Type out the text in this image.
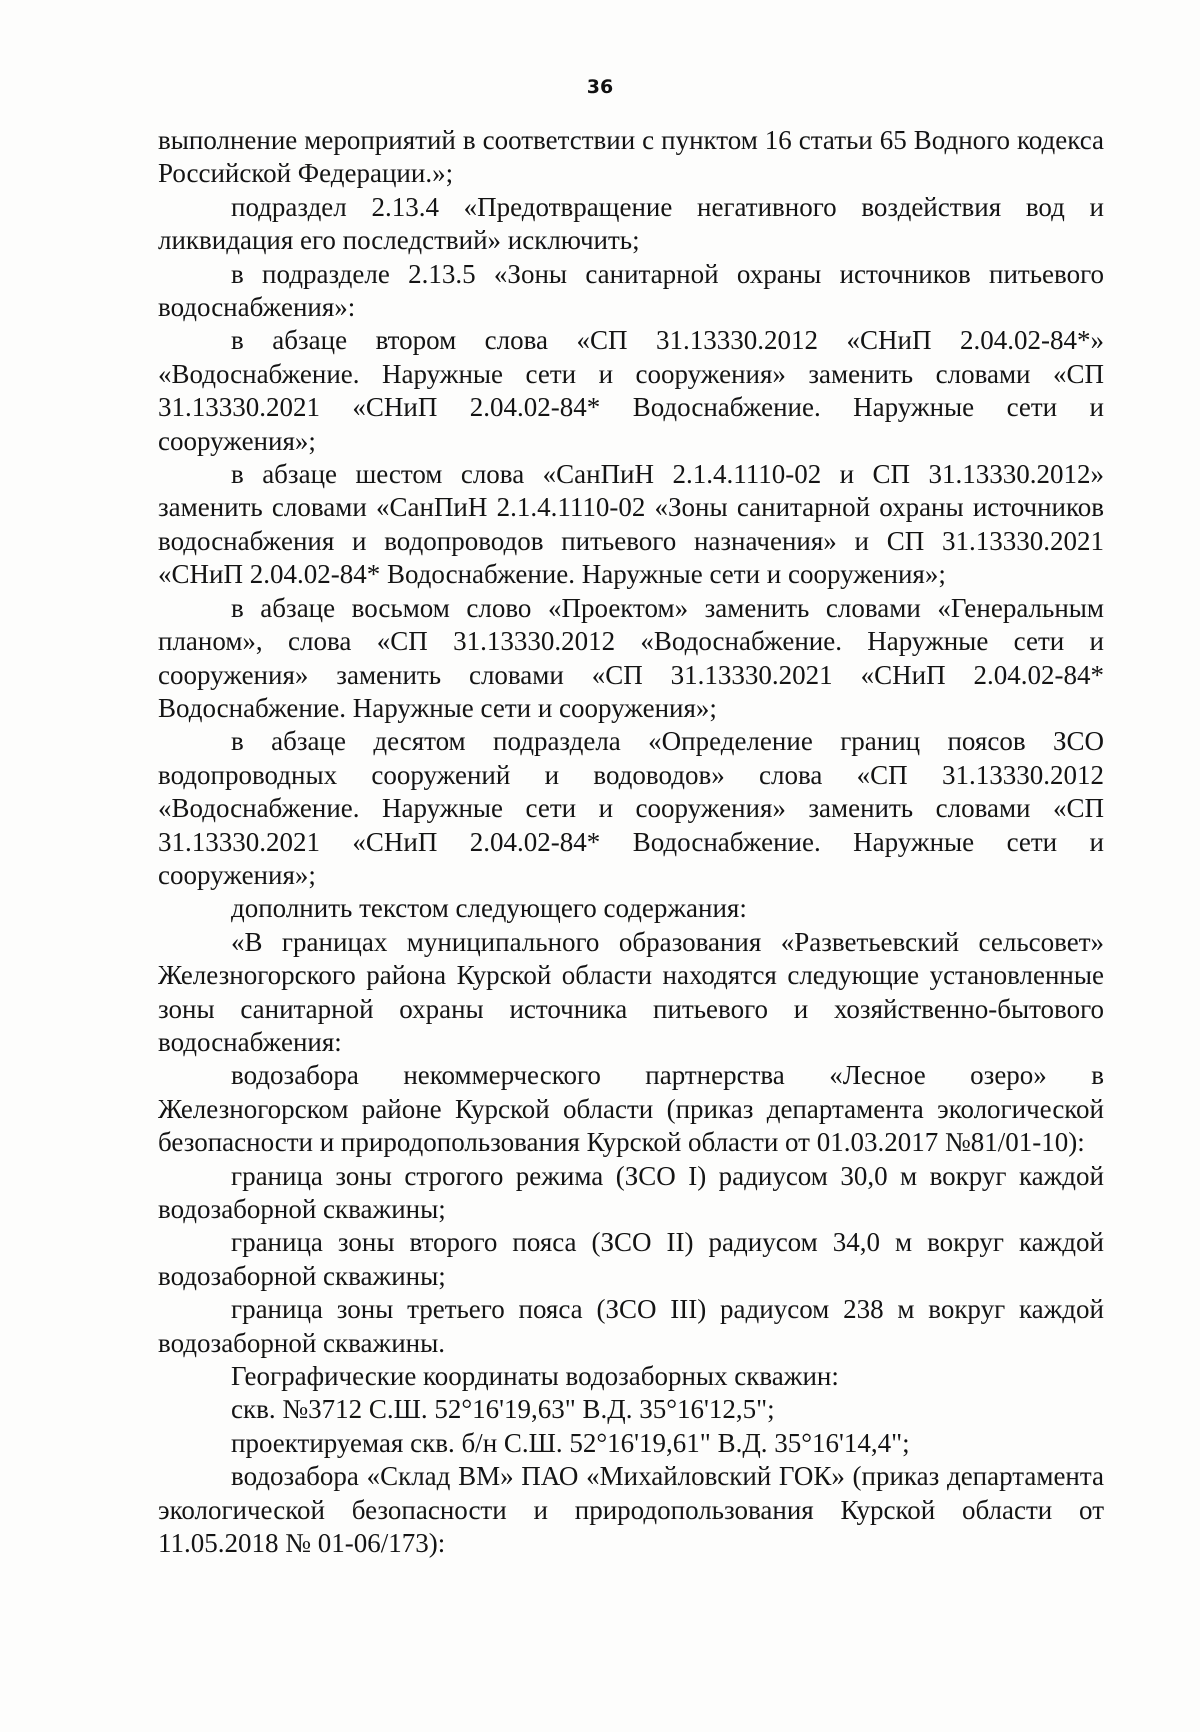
36

выполнение мероприятий в соответствии с пунктом 16 статьи 65 Водного кодекса Российской Федерации.»;

подраздел 2.13.4 «Предотвращение негативного воздействия вод и ликвидация его последствий» исключить;

в подразделе 2.13.5 «Зоны санитарной охраны источников питьевого водоснабжения»:

в абзаце втором слова «СП 31.13330.2012 «СНиП 2.04.02-84*» «Водоснабжение. Наружные сети и сооружения» заменить словами «СП 31.13330.2021 «СНиП 2.04.02-84* Водоснабжение. Наружные сети и сооружения»;

в абзаце шестом слова «СанПиН 2.1.4.1110-02 и СП 31.13330.2012» заменить словами «СанПиН 2.1.4.1110-02 «Зоны санитарной охраны источников водоснабжения и водопроводов питьевого назначения» и СП 31.13330.2021 «СНиП 2.04.02-84* Водоснабжение. Наружные сети и сооружения»;

в абзаце восьмом слово «Проектом» заменить словами «Генеральным планом», слова «СП 31.13330.2012 «Водоснабжение. Наружные сети и сооружения» заменить словами «СП 31.13330.2021 «СНиП 2.04.02-84* Водоснабжение. Наружные сети и сооружения»;

в абзаце десятом подраздела «Определение границ поясов ЗСО водопроводных сооружений и водоводов» слова «СП 31.13330.2012 «Водоснабжение. Наружные сети и сооружения» заменить словами «СП 31.13330.2021 «СНиП 2.04.02-84* Водоснабжение. Наружные сети и сооружения»;

дополнить текстом следующего содержания:

«В границах муниципального образования «Разветьевский сельсовет» Железногорского района Курской области находятся следующие установленные зоны санитарной охраны источника питьевого и хозяйственно-бытового водоснабжения:

водозабора некоммерческого партнерства «Лесное озеро» в Железногорском районе Курской области (приказ департамента экологической безопасности и природопользования Курской области от 01.03.2017 №81/01-10):

граница зоны строгого режима (ЗСО I) радиусом 30,0 м вокруг каждой водозаборной скважины;

граница зоны второго пояса (ЗСО II) радиусом 34,0 м вокруг каждой водозаборной скважины;

граница зоны третьего пояса (ЗСО III) радиусом 238 м вокруг каждой водозаборной скважины.

Географические координаты водозаборных скважин:

скв. №3712 С.Ш. 52°16'19,63" В.Д. 35°16'12,5";

проектируемая скв. б/н С.Ш. 52°16'19,61" В.Д. 35°16'14,4";

водозабора «Склад ВМ» ПАО «Михайловский ГОК» (приказ департамента экологической безопасности и природопользования Курской области от 11.05.2018 № 01-06/173):
